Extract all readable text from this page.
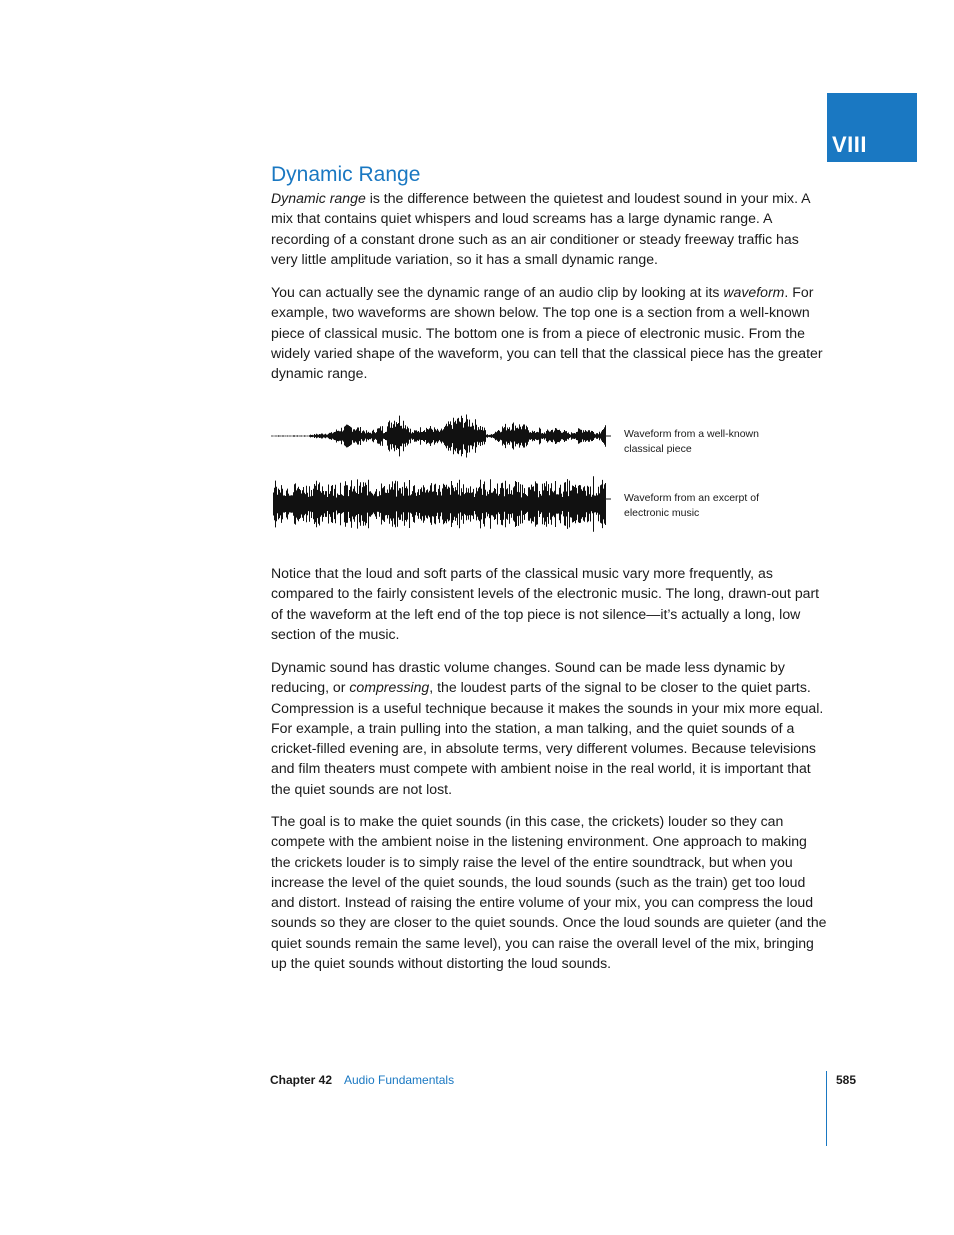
VIII
Dynamic Range

Dynamic range is the difference between the quietest and loudest sound in your mix. A mix that contains quiet whispers and loud screams has a large dynamic range. A recording of a constant drone such as an air conditioner or steady freeway traffic has very little amplitude variation, so it has a small dynamic range.

You can actually see the dynamic range of an audio clip by looking at its waveform. For example, two waveforms are shown below. The top one is a section from a well-known piece of classical music. The bottom one is from a piece of electronic music. From the widely varied shape of the waveform, you can tell that the classical piece has the greater dynamic range.

Waveform from a well-known classical piece

Waveform from an excerpt of electronic music

Notice that the loud and soft parts of the classical music vary more frequently, as compared to the fairly consistent levels of the electronic music. The long, drawn-out part of the waveform at the left end of the top piece is not silence—it’s actually a long, low section of the music.

Dynamic sound has drastic volume changes. Sound can be made less dynamic by reducing, or compressing, the loudest parts of the signal to be closer to the quiet parts. Compression is a useful technique because it makes the sounds in your mix more equal. For example, a train pulling into the station, a man talking, and the quiet sounds of a cricket-filled evening are, in absolute terms, very different volumes. Because televisions and film theaters must compete with ambient noise in the real world, it is important that the quiet sounds are not lost.

The goal is to make the quiet sounds (in this case, the crickets) louder so they can compete with the ambient noise in the listening environment. One approach to making the crickets louder is to simply raise the level of the entire soundtrack, but when you increase the level of the quiet sounds, the loud sounds (such as the train) get too loud and distort. Instead of raising the entire volume of your mix, you can compress the loud sounds so they are closer to the quiet sounds. Once the loud sounds are quieter (and the quiet sounds remain the same level), you can raise the overall level of the mix, bringing up the quiet sounds without distorting the loud sounds.

Chapter 42 Audio Fundamentals	585
